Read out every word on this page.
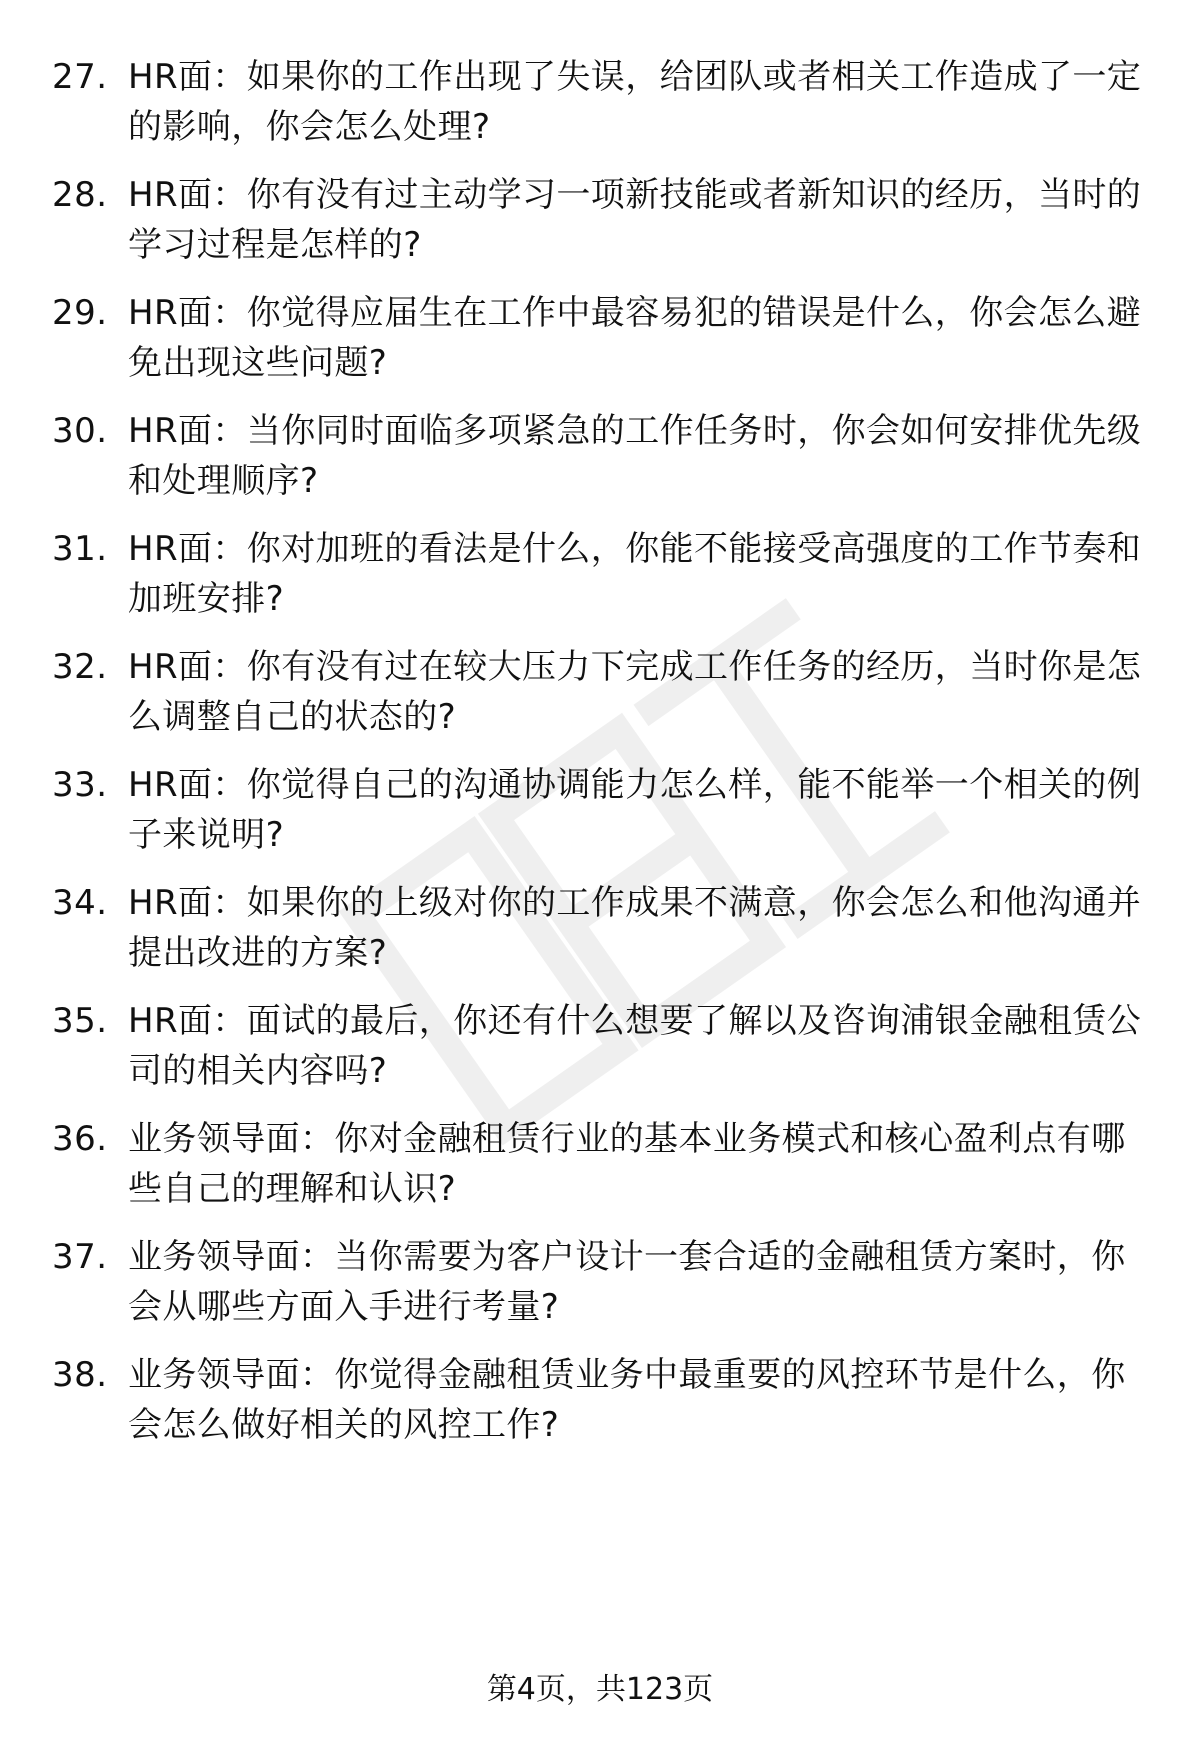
27. HR面：如果你的工作出现了失误，给团队或者相关工作造成了一定的影响，你会怎么处理?
28. HR面：你有没有过主动学习一项新技能或者新知识的经历，当时的学习过程是怎样的?
29. HR面：你觉得应届生在工作中最容易犯的错误是什么，你会怎么避免出现这些问题?
30. HR面：当你同时面临多项紧急的工作任务时，你会如何安排优先级和处理顺序?
31. HR面：你对加班的看法是什么，你能不能接受高强度的工作节奏和加班安排?
32. HR面：你有没有过在较大压力下完成工作任务的经历，当时你是怎么调整自己的状态的?
33. HR面：你觉得自己的沟通协调能力怎么样，能不能举一个相关的例子来说明?
34. HR面：如果你的上级对你的工作成果不满意，你会怎么和他沟通并提出改进的方案?
35. HR面：面试的最后，你还有什么想要了解以及咨询浦银金融租赁公司的相关内容吗?
36. 业务领导面：你对金融租赁行业的基本业务模式和核心盈利点有哪些自己的理解和认识?
37. 业务领导面：当你需要为客户设计一套合适的金融租赁方案时，你会从哪些方面入手进行考量?
38. 业务领导面：你觉得金融租赁业务中最重要的风控环节是什么，你会怎么做好相关的风控工作?
第4页，共123页
